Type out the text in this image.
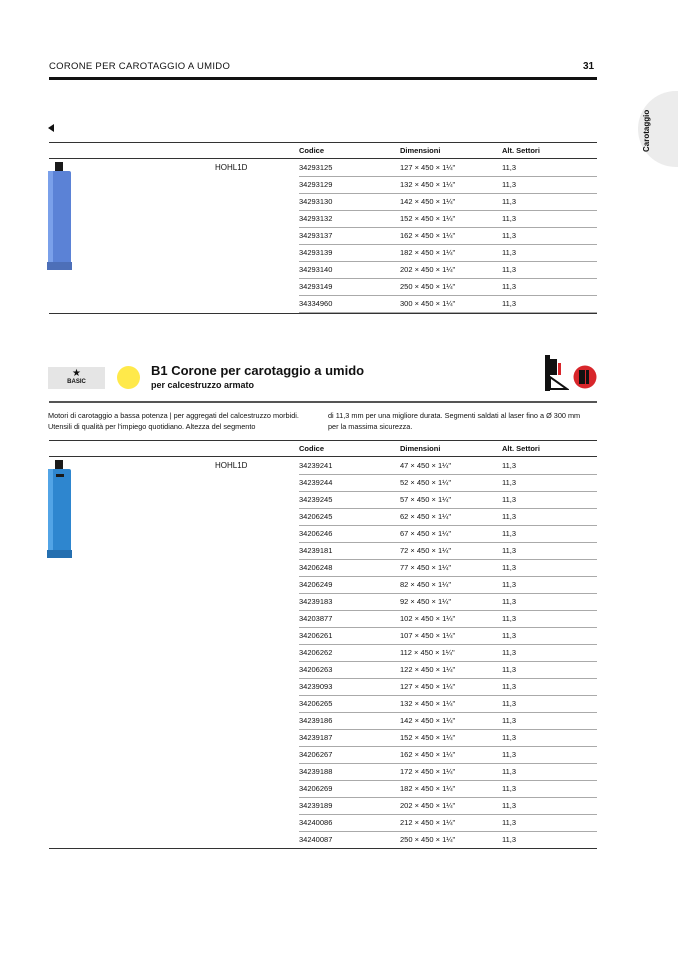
CORONE PER CAROTAGGIO A UMIDO	31
Carotaggio
Codice	Dimensioni	Alt. Settori
HOHL1D	34293125	127 × 450 × 1¼"	11,3
34293129	132 × 450 × 1¼"	11,3
34293130	142 × 450 × 1¼"	11,3
34293132	152 × 450 × 1¼"	11,3
34293137	162 × 450 × 1¼"	11,3
34293139	182 × 450 × 1¼"	11,3
34293140	202 × 450 × 1¼"	11,3
34293149	250 × 450 × 1¼"	11,3
34334960	300 × 450 × 1¼"	11,3
★
BASIC
B1 Corone per carotaggio a umido
per calcestruzzo armato
Motori di carotaggio a bassa potenza | per aggregati del calcestruzzo morbidi. Utensili di qualità per l'impiego quotidiano. Altezza del segmento
di 11,3 mm per una migliore durata. Segmenti saldati al laser fino a Ø 300 mm per la massima sicurezza.
Codice	Dimensioni	Alt. Settori
HOHL1D	34239241	47 × 450 × 1¼"	11,3
34239244	52 × 450 × 1¼"	11,3
34239245	57 × 450 × 1¼"	11,3
34206245	62 × 450 × 1¼"	11,3
34206246	67 × 450 × 1¼"	11,3
34239181	72 × 450 × 1¼"	11,3
34206248	77 × 450 × 1¼"	11,3
34206249	82 × 450 × 1¼"	11,3
34239183	92 × 450 × 1¼"	11,3
34203877	102 × 450 × 1¼"	11,3
34206261	107 × 450 × 1¼"	11,3
34206262	112 × 450 × 1¼"	11,3
34206263	122 × 450 × 1¼"	11,3
34239093	127 × 450 × 1¼"	11,3
34206265	132 × 450 × 1¼"	11,3
34239186	142 × 450 × 1¼"	11,3
34239187	152 × 450 × 1¼"	11,3
34206267	162 × 450 × 1¼"	11,3
34239188	172 × 450 × 1¼"	11,3
34206269	182 × 450 × 1¼"	11,3
34239189	202 × 450 × 1¼"	11,3
34240086	212 × 450 × 1¼"	11,3
34240087	250 × 450 × 1¼"	11,3
